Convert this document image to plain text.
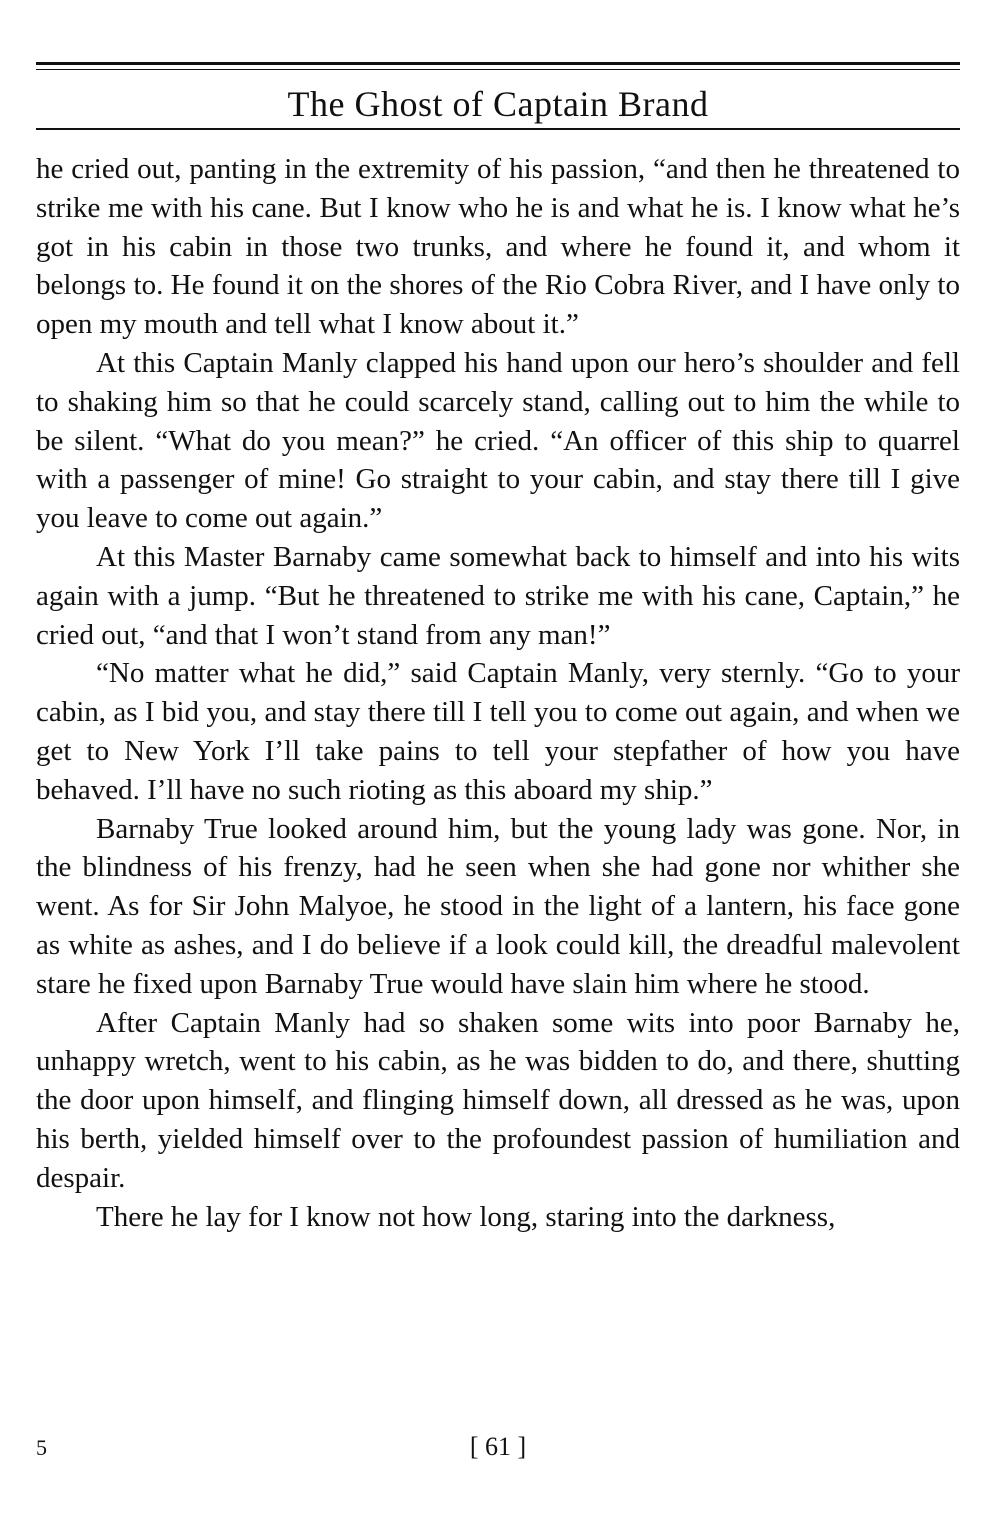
The Ghost of Captain Brand

he cried out, panting in the extremity of his passion, “and then he threatened to strike me with his cane. But I know who he is and what he is. I know what he’s got in his cabin in those two trunks, and where he found it, and whom it belongs to. He found it on the shores of the Rio Cobra River, and I have only to open my mouth and tell what I know about it.”

At this Captain Manly clapped his hand upon our hero’s shoulder and fell to shaking him so that he could scarcely stand, calling out to him the while to be silent. “What do you mean?” he cried. “An officer of this ship to quarrel with a passenger of mine! Go straight to your cabin, and stay there till I give you leave to come out again.”

At this Master Barnaby came somewhat back to himself and into his wits again with a jump. “But he threatened to strike me with his cane, Captain,” he cried out, “and that I won’t stand from any man!”

“No matter what he did,” said Captain Manly, very sternly. “Go to your cabin, as I bid you, and stay there till I tell you to come out again, and when we get to New York I’ll take pains to tell your stepfather of how you have behaved. I’ll have no such rioting as this aboard my ship.”

Barnaby True looked around him, but the young lady was gone. Nor, in the blindness of his frenzy, had he seen when she had gone nor whither she went. As for Sir John Malyoe, he stood in the light of a lantern, his face gone as white as ashes, and I do believe if a look could kill, the dreadful malevolent stare he fixed upon Barnaby True would have slain him where he stood.

After Captain Manly had so shaken some wits into poor Barnaby he, unhappy wretch, went to his cabin, as he was bidden to do, and there, shutting the door upon himself, and flinging himself down, all dressed as he was, upon his berth, yielded himself over to the profoundest passion of humiliation and despair.

There he lay for I know not how long, staring into the darkness,

5	[ 61 ]
